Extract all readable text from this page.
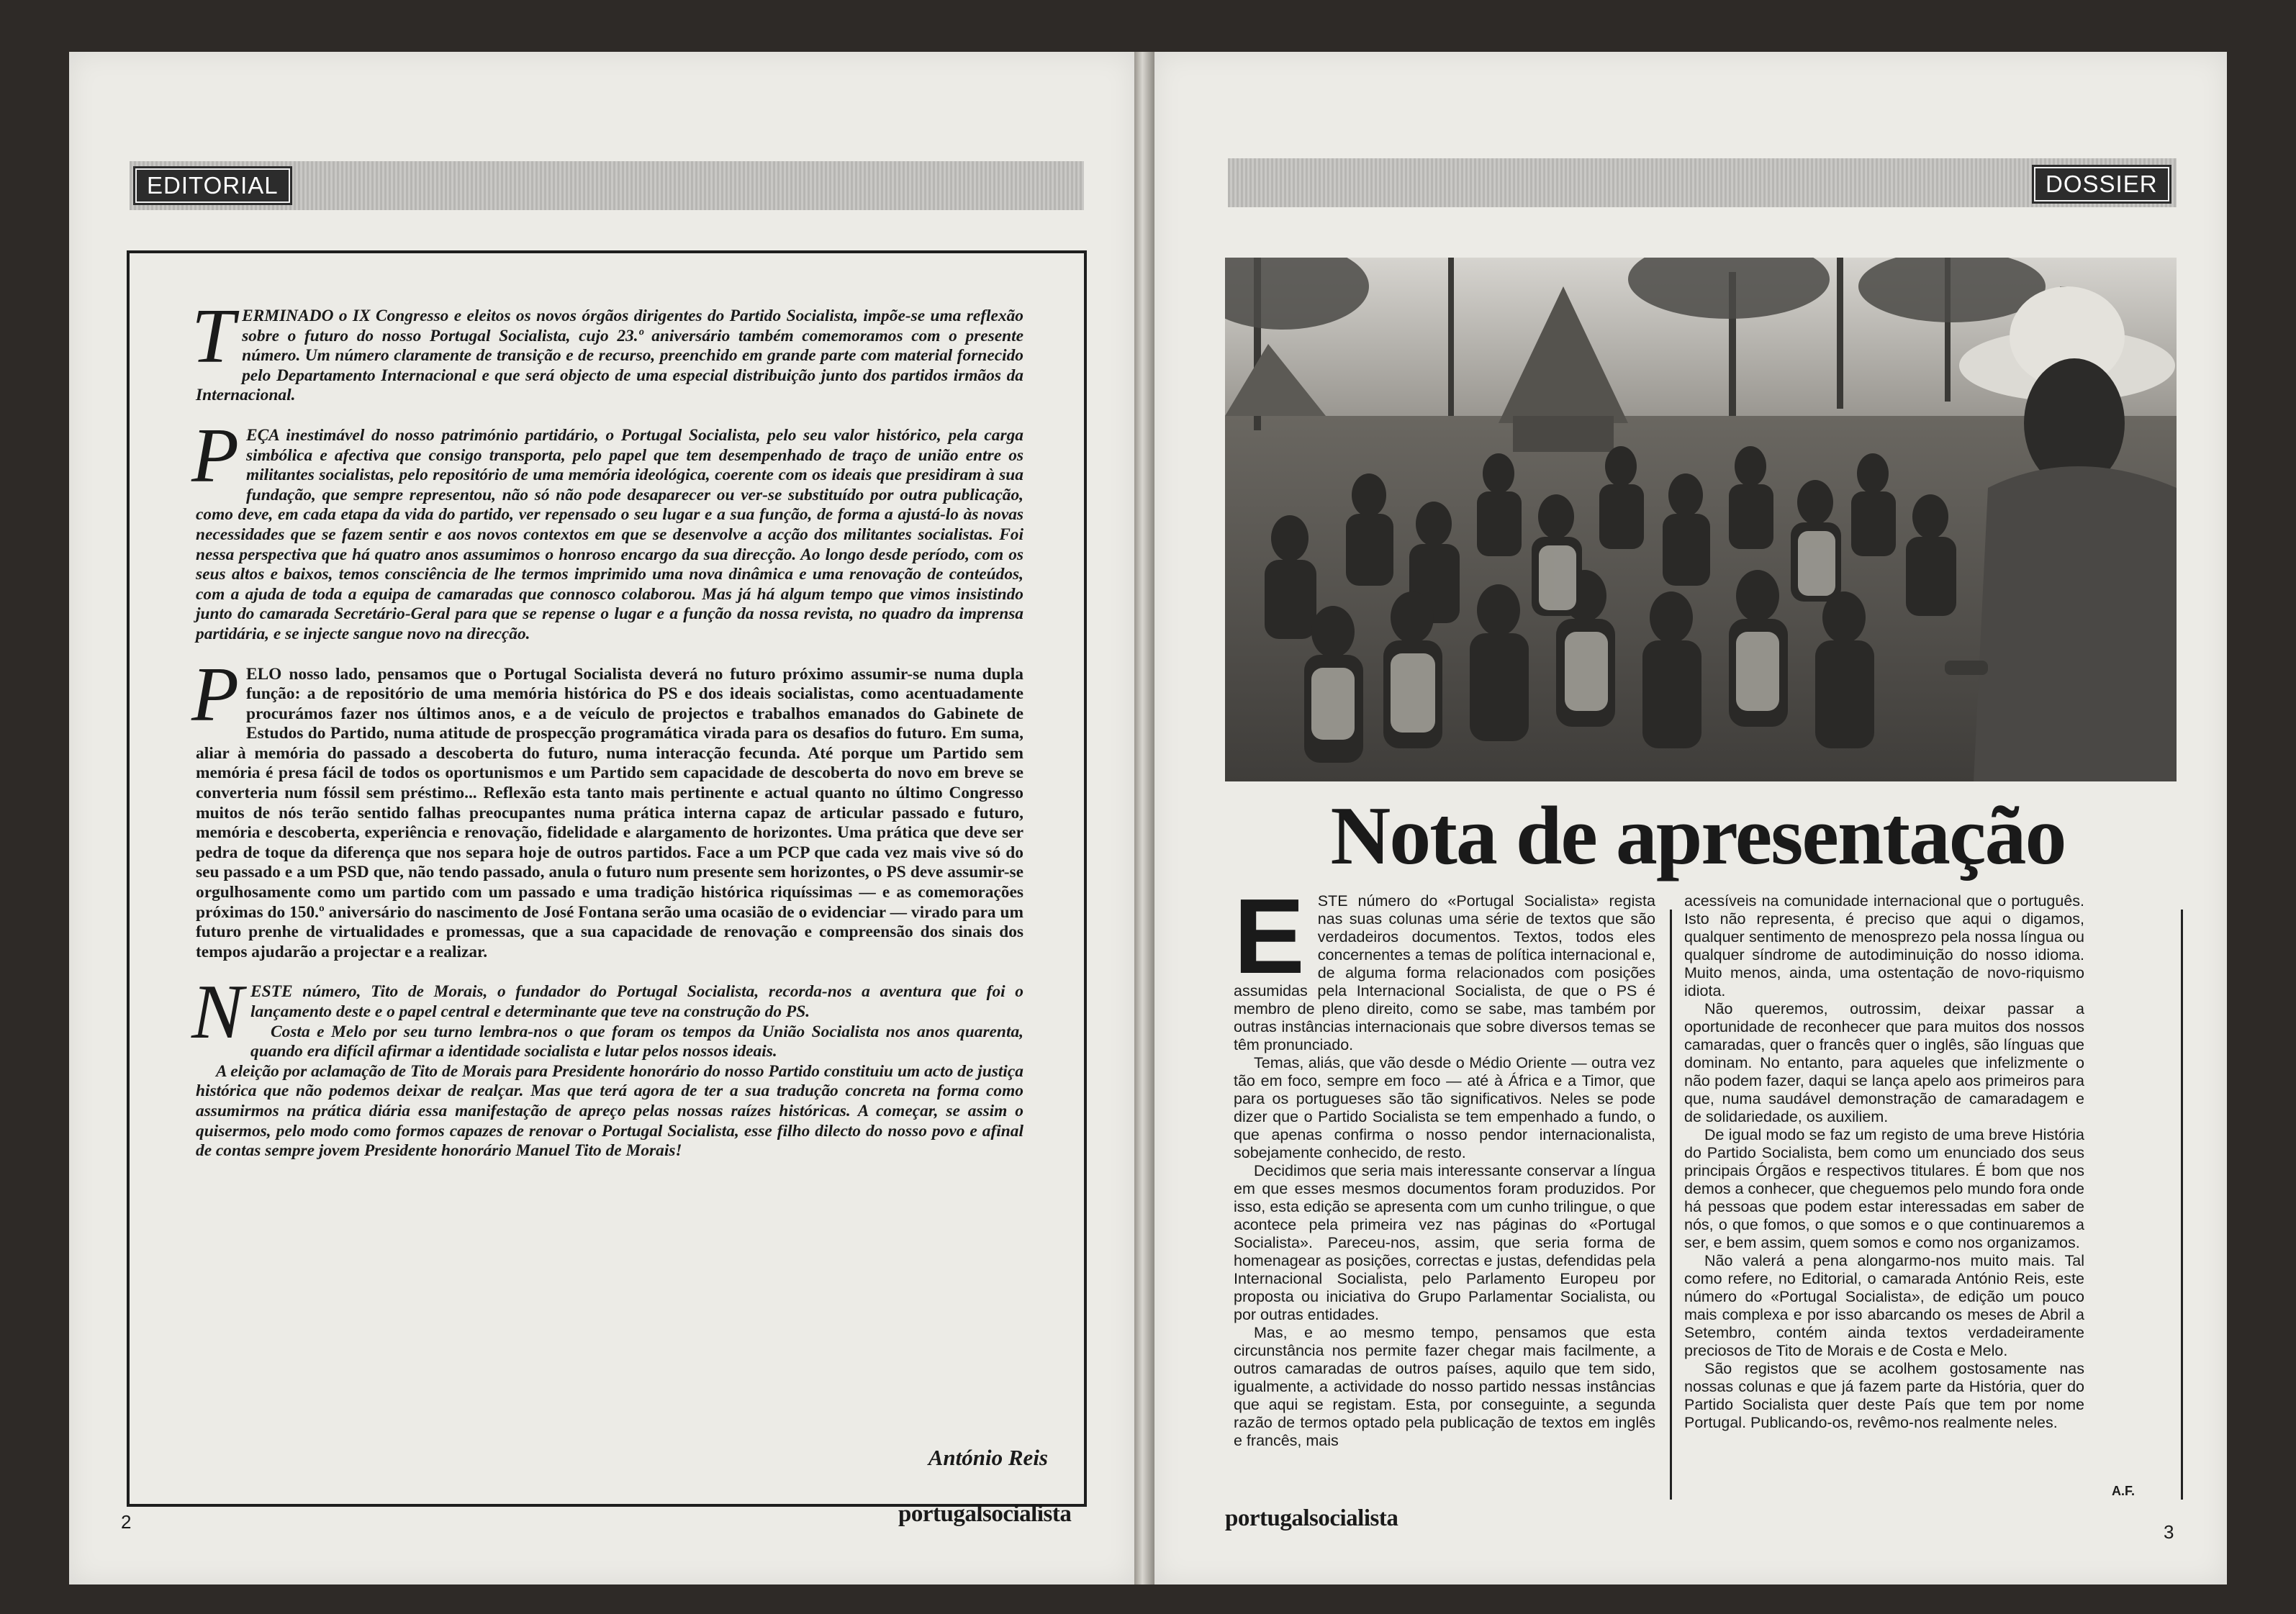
EDITORIAL

TERMINADO o IX Congresso e eleitos os novos órgãos dirigentes do Partido Socialista, impõe-se uma reflexão sobre o futuro do nosso Portugal Socialista, cujo 23.º aniversário também comemoramos com o presente número. Um número claramente de transição e de recurso, preenchido em grande parte com material fornecido pelo Departamento Internacional e que será objecto de uma especial distribuição junto dos partidos irmãos da Internacional.

PEÇA inestimável do nosso património partidário, o Portugal Socialista, pelo seu valor histórico, pela carga simbólica e afectiva que consigo transporta, pelo papel que tem desempenhado de traço de união entre os militantes socialistas, pelo repositório de uma memória ideológica, coerente com os ideais que presidiram à sua fundação, que sempre representou, não só não pode desaparecer ou ver-se substituído por outra publicação, como deve, em cada etapa da vida do partido, ver repensado o seu lugar e a sua função, de forma a ajustá-lo às novas necessidades que se fazem sentir e aos novos contextos em que se desenvolve a acção dos militantes socialistas. Foi nessa perspectiva que há quatro anos assumimos o honroso encargo da sua direcção. Ao longo desde período, com os seus altos e baixos, temos consciência de lhe termos imprimido uma nova dinâmica e uma renovação de conteúdos, com a ajuda de toda a equipa de camaradas que connosco colaborou. Mas já há algum tempo que vimos insistindo junto do camarada Secretário-Geral para que se repense o lugar e a função da nossa revista, no quadro da imprensa partidária, e se injecte sangue novo na direcção.

PELO nosso lado, pensamos que o Portugal Socialista deverá no futuro próximo assumir-se numa dupla função: a de repositório de uma memória histórica do PS e dos ideais socialistas, como acentuadamente procurámos fazer nos últimos anos, e a de veículo de projectos e trabalhos emanados do Gabinete de Estudos do Partido, numa atitude de prospecção programática virada para os desafios do futuro. Em suma, aliar à memória do passado a descoberta do futuro, numa interacção fecunda. Até porque um Partido sem memória é presa fácil de todos os oportunismos e um Partido sem capacidade de descoberta do novo em breve se converteria num fóssil sem préstimo... Reflexão esta tanto mais pertinente e actual quanto no último Congresso muitos de nós terão sentido falhas preocupantes numa prática interna capaz de articular passado e futuro, memória e descoberta, experiência e renovação, fidelidade e alargamento de horizontes. Uma prática que deve ser pedra de toque da diferença que nos separa hoje de outros partidos. Face a um PCP que cada vez mais vive só do seu passado e a um PSD que, não tendo passado, anula o futuro num presente sem horizontes, o PS deve assumir-se orgulhosamente como um partido com um passado e uma tradição histórica riquíssimas — e as comemorações próximas do 150.º aniversário do nascimento de José Fontana serão uma ocasião de o evidenciar — virado para um futuro prenhe de virtualidades e promessas, que a sua capacidade de renovação e compreensão dos sinais dos tempos ajudarão a projectar e a realizar.

NESTE número, Tito de Morais, o fundador do Portugal Socialista, recorda-nos a aventura que foi o lançamento deste e o papel central e determinante que teve na construção do PS.

Costa e Melo por seu turno lembra-nos o que foram os tempos da União Socialista nos anos quarenta, quando era difícil afirmar a identidade socialista e lutar pelos nossos ideais.

A eleição por aclamação de Tito de Morais para Presidente honorário do nosso Partido constituiu um acto de justiça histórica que não podemos deixar de realçar. Mas que terá agora de ter a sua tradução concreta na forma como assumirmos na prática diária essa manifestação de apreço pelas nossas raízes históricas. A começar, se assim o quisermos, pelo modo como formos capazes de renovar o Portugal Socialista, esse filho dilecto do nosso povo e afinal de contas sempre jovem Presidente honorário Manuel Tito de Morais!

António Reis
2	portugalsocialista
DOSSIER
Nota de apresentação

ESTE número do «Portugal Socialista» regista nas suas colunas uma série de textos que são verdadeiros documentos. Textos, todos eles concernentes a temas de política internacional e, de alguma forma relacionados com posições assumidas pela Internacional Socialista, de que o PS é membro de pleno direito, como se sabe, mas também por outras instâncias internacionais que sobre diversos temas se têm pronunciado.

Temas, aliás, que vão desde o Médio Oriente — outra vez tão em foco, sempre em foco — até à África e a Timor, que para os portugueses são tão significativos. Neles se pode dizer que o Partido Socialista se tem empenhado a fundo, o que apenas confirma o nosso pendor internacionalista, sobejamente conhecido, de resto.

Decidimos que seria mais interessante conservar a língua em que esses mesmos documentos foram produzidos. Por isso, esta edição se apresenta com um cunho trilingue, o que acontece pela primeira vez nas páginas do «Portugal Socialista». Pareceu-nos, assim, que seria forma de homenagear as posições, correctas e justas, defendidas pela Internacional Socialista, pelo Parlamento Europeu por proposta ou iniciativa do Grupo Parlamentar Socialista, ou por outras entidades.

Mas, e ao mesmo tempo, pensamos que esta circunstância nos permite fazer chegar mais facilmente, a outros camaradas de outros países, aquilo que tem sido, igualmente, a actividade do nosso partido nessas instâncias que aqui se registam. Esta, por conseguinte, a segunda razão de termos optado pela publicação de textos em inglês e francês, mais

acessíveis na comunidade internacional que o português. Isto não representa, é preciso que aqui o digamos, qualquer sentimento de menosprezo pela nossa língua ou qualquer síndrome de autodiminuição do nosso idioma. Muito menos, ainda, uma ostentação de novo-riquismo idiota.

Não queremos, outrossim, deixar passar a oportunidade de reconhecer que para muitos dos nossos camaradas, quer o francês quer o inglês, são línguas que dominam. No entanto, para aqueles que infelizmente o não podem fazer, daqui se lança apelo aos primeiros para que, numa saudável demonstração de camaradagem e de solidariedade, os auxiliem.

De igual modo se faz um registo de uma breve História do Partido Socialista, bem como um enunciado dos seus principais Órgãos e respectivos titulares. É bom que nos demos a conhecer, que cheguemos pelo mundo fora onde há pessoas que podem estar interessadas em saber de nós, o que fomos, o que somos e o que continuaremos a ser, e bem assim, quem somos e como nos organizamos.

Não valerá a pena alongarmo-nos muito mais. Tal como refere, no Editorial, o camarada António Reis, este número do «Portugal Socialista», de edição um pouco mais complexa e por isso abarcando os meses de Abril a Setembro, contém ainda textos verdadeiramente preciosos de Tito de Morais e de Costa e Melo.

São registos que se acolhem gostosamente nas nossas colunas e que já fazem parte da História, quer do Partido Socialista quer deste País que tem por nome Portugal. Publicando-os, revêmo-nos realmente neles.

A.F.
portugalsocialista
3
